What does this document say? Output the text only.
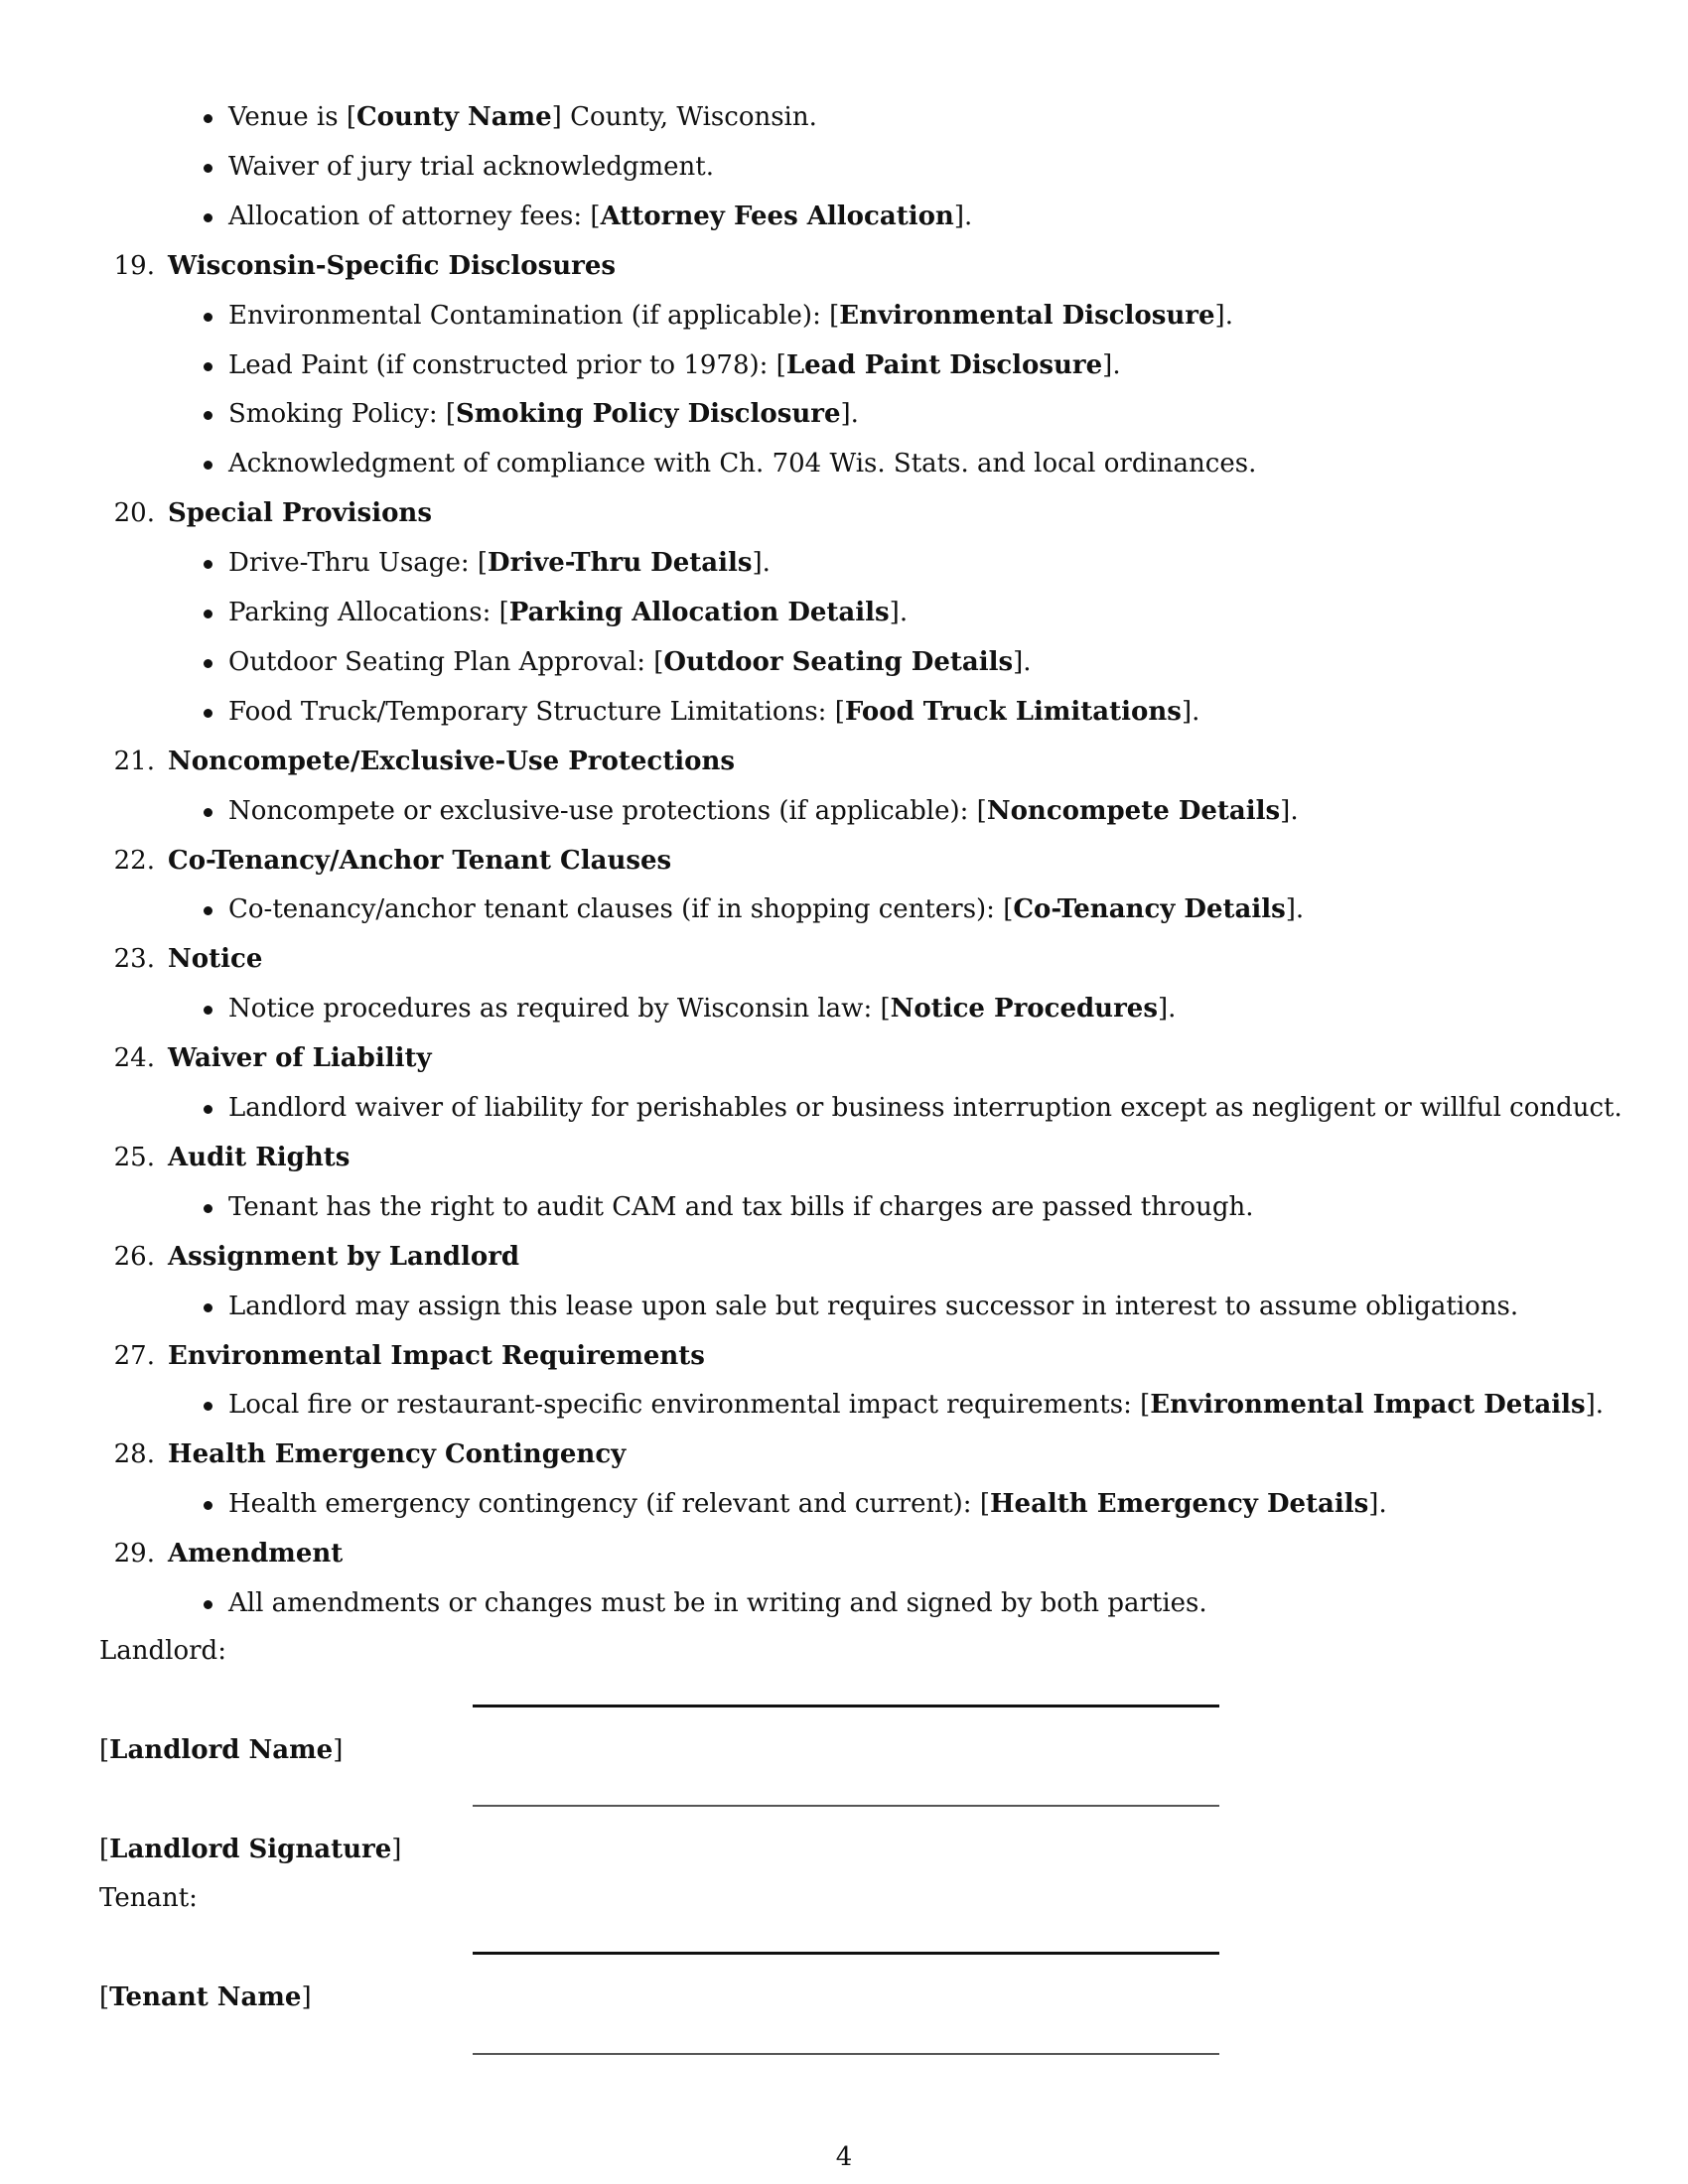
Venue is [County Name] County, Wisconsin.
Waiver of jury trial acknowledgment.
Allocation of attorney fees: [Attorney Fees Allocation].
19. Wisconsin-Specific Disclosures
Environmental Contamination (if applicable): [Environmental Disclosure].
Lead Paint (if constructed prior to 1978): [Lead Paint Disclosure].
Smoking Policy: [Smoking Policy Disclosure].
Acknowledgment of compliance with Ch. 704 Wis. Stats. and local ordinances.
20. Special Provisions
Drive-Thru Usage: [Drive-Thru Details].
Parking Allocations: [Parking Allocation Details].
Outdoor Seating Plan Approval: [Outdoor Seating Details].
Food Truck/Temporary Structure Limitations: [Food Truck Limitations].
21. Noncompete/Exclusive-Use Protections
Noncompete or exclusive-use protections (if applicable): [Noncompete Details].
22. Co-Tenancy/Anchor Tenant Clauses
Co-tenancy/anchor tenant clauses (if in shopping centers): [Co-Tenancy Details].
23. Notice
Notice procedures as required by Wisconsin law: [Notice Procedures].
24. Waiver of Liability
Landlord waiver of liability for perishables or business interruption except as negligent or willful conduct.
25. Audit Rights
Tenant has the right to audit CAM and tax bills if charges are passed through.
26. Assignment by Landlord
Landlord may assign this lease upon sale but requires successor in interest to assume obligations.
27. Environmental Impact Requirements
Local fire or restaurant-specific environmental impact requirements: [Environmental Impact Details].
28. Health Emergency Contingency
Health emergency contingency (if relevant and current): [Health Emergency Details].
29. Amendment
All amendments or changes must be in writing and signed by both parties.
Landlord:
[Landlord Name]
[Landlord Signature]
Tenant:
[Tenant Name]
4
